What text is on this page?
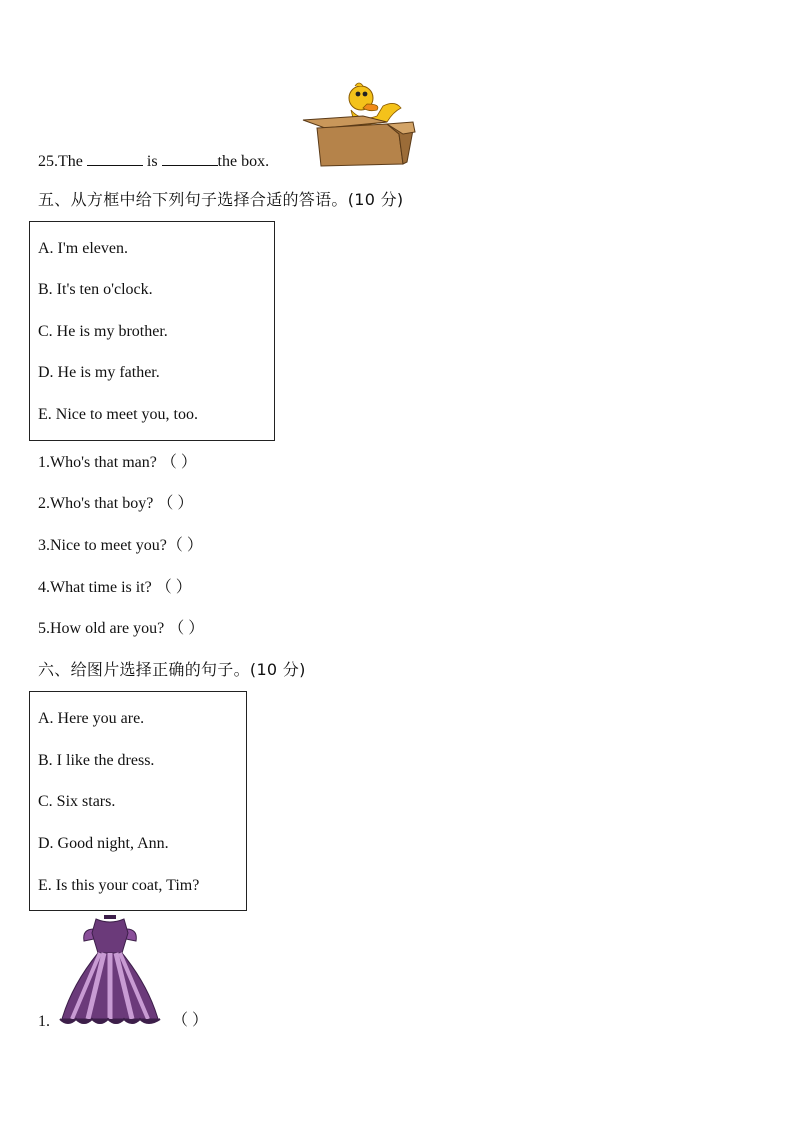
25.The	is	the box.
五、从方框中给下列句子选择合适的答语。(10 分)
A. I'm eleven.
B. It's ten o'clock.
C. He is my brother.
D. He is my father.
E. Nice to meet you, too.
1.Who's that man? （ ）
2.Who's that boy? （ ）
3.Nice to meet you?（ ）
4.What time is it? （ ）
5.How old are you? （ ）
六、给图片选择正确的句子。(10 分)
A. Here you are.
B. I like the dress.
C. Six stars.
D. Good night, Ann.
E. Is this your coat, Tim?
1.	（ ）
